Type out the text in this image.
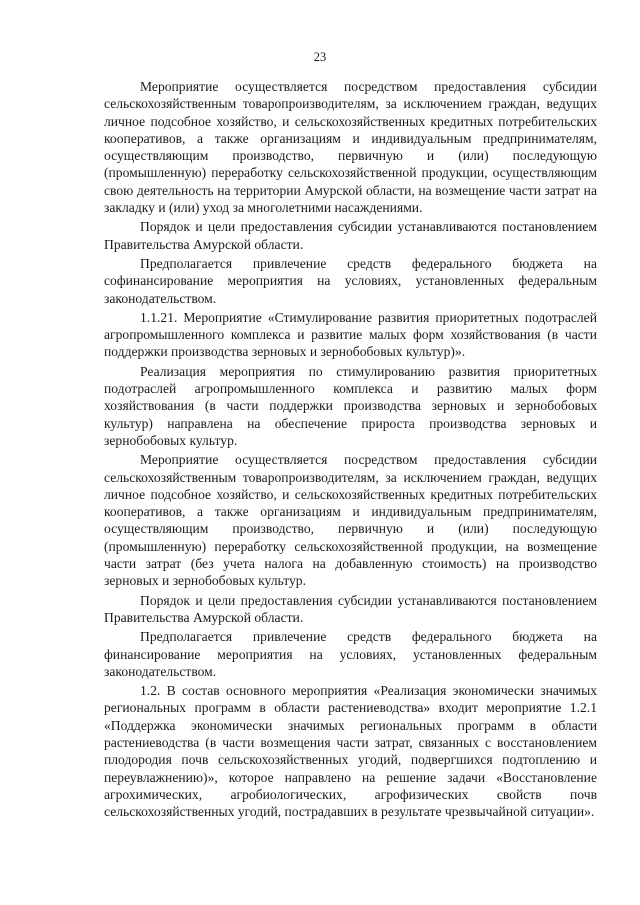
23

Мероприятие осуществляется посредством предоставления субсидии сельскохозяйственным товаропроизводителям, за исключением граждан, ведущих личное подсобное хозяйство, и сельскохозяйственных кредитных потребительских кооперативов, а также организациям и индивидуальным предпринимателям, осуществляющим производство, первичную и (или) последующую (промышленную) переработку сельскохозяйственной продукции, осуществляющим свою деятельность на территории Амурской области, на возмещение части затрат на закладку и (или) уход за многолетними насаждениями.

Порядок и цели предоставления субсидии устанавливаются постановлением Правительства Амурской области.

Предполагается привлечение средств федерального бюджета на софинансирование мероприятия на условиях, установленных федеральным законодательством.

1.1.21. Мероприятие «Стимулирование развития приоритетных подотраслей агропромышленного комплекса и развитие малых форм хозяйствования (в части поддержки производства зерновых и зернобобовых культур)».

Реализация мероприятия по стимулированию развития приоритетных подотраслей агропромышленного комплекса и развитию малых форм хозяйствования (в части поддержки производства зерновых и зернобобовых культур) направлена на обеспечение прироста производства зерновых и зернобобовых культур.

Мероприятие осуществляется посредством предоставления субсидии сельскохозяйственным товаропроизводителям, за исключением граждан, ведущих личное подсобное хозяйство, и сельскохозяйственных кредитных потребительских кооперативов, а также организациям и индивидуальным предпринимателям, осуществляющим производство, первичную и (или) последующую (промышленную) переработку сельскохозяйственной продукции, на возмещение части затрат (без учета налога на добавленную стоимость) на производство зерновых и зернобобовых культур.

Порядок и цели предоставления субсидии устанавливаются постановлением Правительства Амурской области.

Предполагается привлечение средств федерального бюджета на финансирование мероприятия на условиях, установленных федеральным законодательством.

1.2. В состав основного мероприятия «Реализация экономически значимых региональных программ в области растениеводства» входит мероприятие 1.2.1 «Поддержка экономически значимых региональных программ в области растениеводства (в части возмещения части затрат, связанных с восстановлением плодородия почв сельскохозяйственных угодий, подвергшихся подтоплению и переувлажнению)», которое направлено на решение задачи «Восстановление агрохимических, агробиологических, агрофизических свойств почв сельскохозяйственных угодий, пострадавших в результате чрезвычайной ситуации».
